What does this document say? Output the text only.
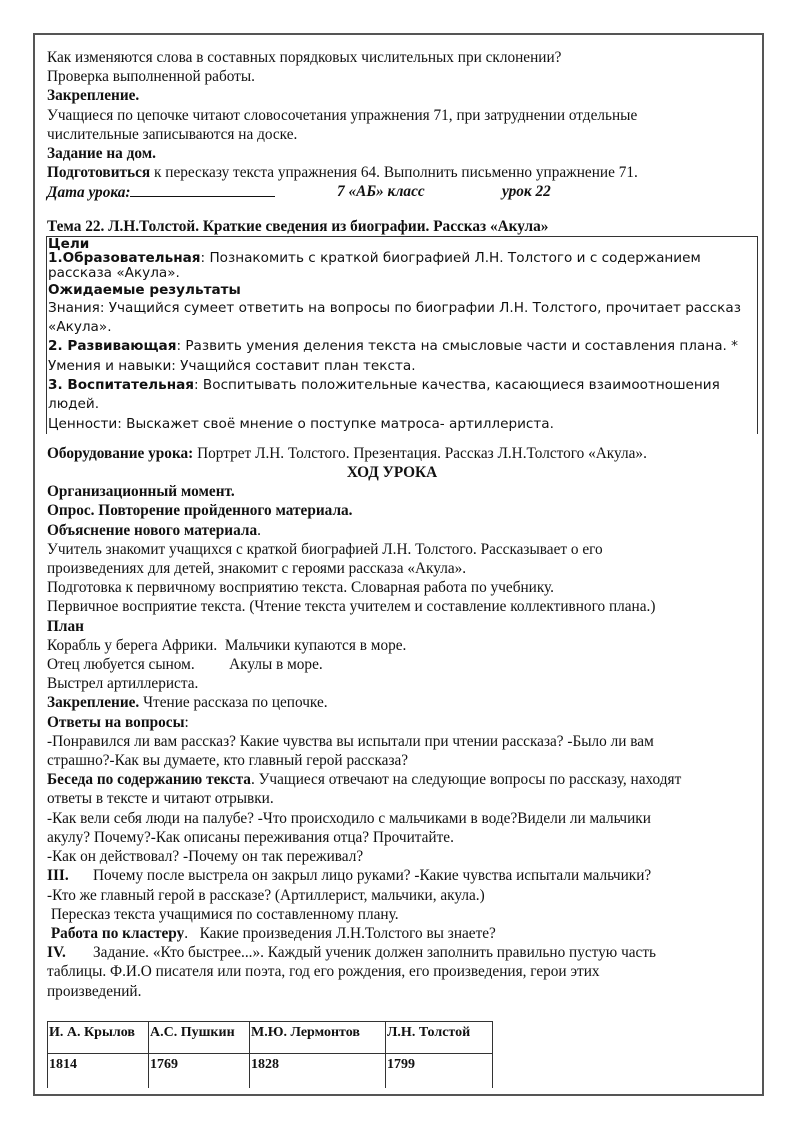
Как изменяются слова в составных порядковых числительных при склонении?

Проверка выполненной работы.

Закрепление.

Учащиеся по цепочке читают словосочетания упражнения 71, при затруднении отдельные

числительные записываются на доске.

Задание на дом.

Подготовиться к пересказу текста упражнения 64. Выполнить письменно упражнение 71.

Дата урока:	7 «АБ» класс	урок 22

Тема 22. Л.Н.Толстой. Краткие сведения из биографии. Рассказ «Акула»

Цели
1.Образовательная: Познакомить с краткой биографией Л.Н. Толстого и с содержанием
рассказа «Акула».
Ожидаемые результаты
Знания: Учащийся сумеет ответить на вопросы по биографии Л.Н. Толстого, прочитает рассказ
«Акула».
2. Развивающая: Развить умения деления текста на смысловые части и составления плана. *
Умения и навыки: Учащийся составит план текста.
3. Воспитательная: Воспитывать положительные качества, касающиеся взаимоотношения
людей.
Ценности: Выскажет своё мнение о поступке матроса- артиллериста.

Оборудование урока: Портрет Л.Н. Толстого. Презентация. Рассказ Л.Н.Толстого «Акула».

ХОД УРОКА

Организационный момент.

Опрос. Повторение пройденного материала.

Объяснение нового материала.

Учитель знакомит учащихся с краткой биографией Л.Н. Толстого. Рассказывает о его

произведениях для детей, знакомит с героями рассказа «Акула».

Подготовка к первичному восприятию текста. Словарная работа по учебнику.

Первичное восприятие текста. (Чтение текста учителем и составление коллективного плана.)

План

Корабль у берега Африки.  Мальчики купаются в море.

Отец любуется сыном.         Акулы в море.

Выстрел артиллериста.

Закрепление. Чтение рассказа по цепочке.

Ответы на вопросы:

-Понравился ли вам рассказ? Какие чувства вы испытали при чтении рассказа? -Было ли вам

страшно?-Как вы думаете, кто главный герой рассказа?

Беседа по содержанию текста. Учащиеся отвечают на следующие вопросы по рассказу, находят

ответы в тексте и читают отрывки.

-Как вели себя люди на палубе? -Что происходило с мальчиками в воде?Видели ли мальчики

акулу? Почему?-Как описаны переживания отца? Прочитайте.

-Как он действовал? -Почему он так переживал?

III. Почему после выстрела он закрыл лицо руками? -Какие чувства испытали мальчики?

-Кто же главный герой в рассказе? (Артиллерист, мальчики, акула.)

Пересказ текста учащимися по составленному плану.

Работа по кластеру.   Какие произведения Л.Н.Толстого вы знаете?

IV. Задание. «Кто быстрее...». Каждый ученик должен заполнить правильно пустую часть

таблицы. Ф.И.О писателя или поэта, год его рождения, его произведения, герои этих

произведений.

И. А. Крылов	А.С. Пушкин	М.Ю. Лермонтов	Л.Н. Толстой
1814	1769	1828	1799
